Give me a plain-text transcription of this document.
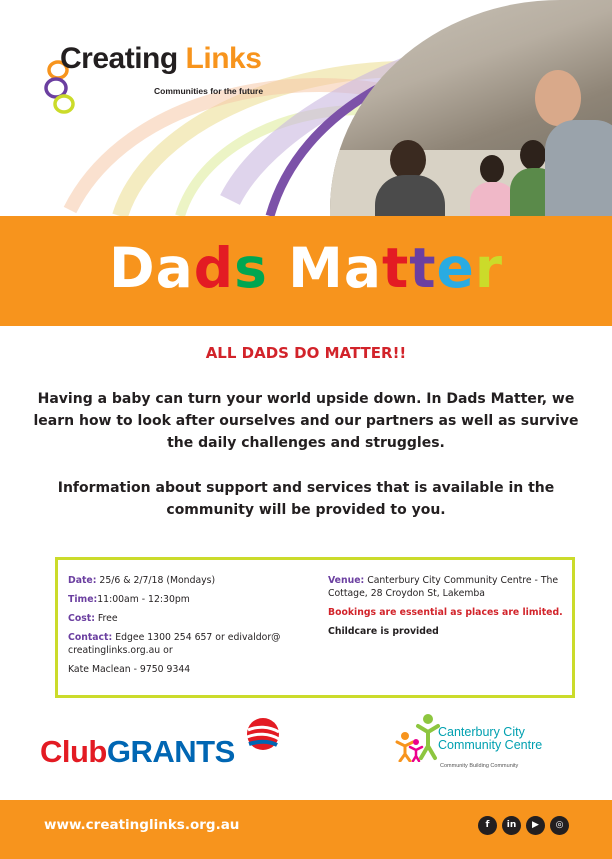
Creating Links
Communities for the future
Dads Matter
ALL DADS DO MATTER!!
Having a baby can turn your world upside down. In Dads Matter, we learn how to look after ourselves and our partners as well as survive the daily challenges and struggles.
Information about support and services that is available in the community will be provided to you.
Date: 25/6 & 2/7/18 (Mondays)
Time:11:00am - 12:30pm
Cost: Free
Contact: Edgee 1300 254 657 or edivaldor@ creatinglinks.org.au or
Kate Maclean - 9750 9344
Venue: Canterbury City Community Centre - The Cottage, 28 Croydon St, Lakemba
Bookings are essential as places are limited.
Childcare is provided
ClubGRANTS
Canterbury City
Community Centre
Community Building Community
www.creatinglinks.org.au	f	in	▶	◎
